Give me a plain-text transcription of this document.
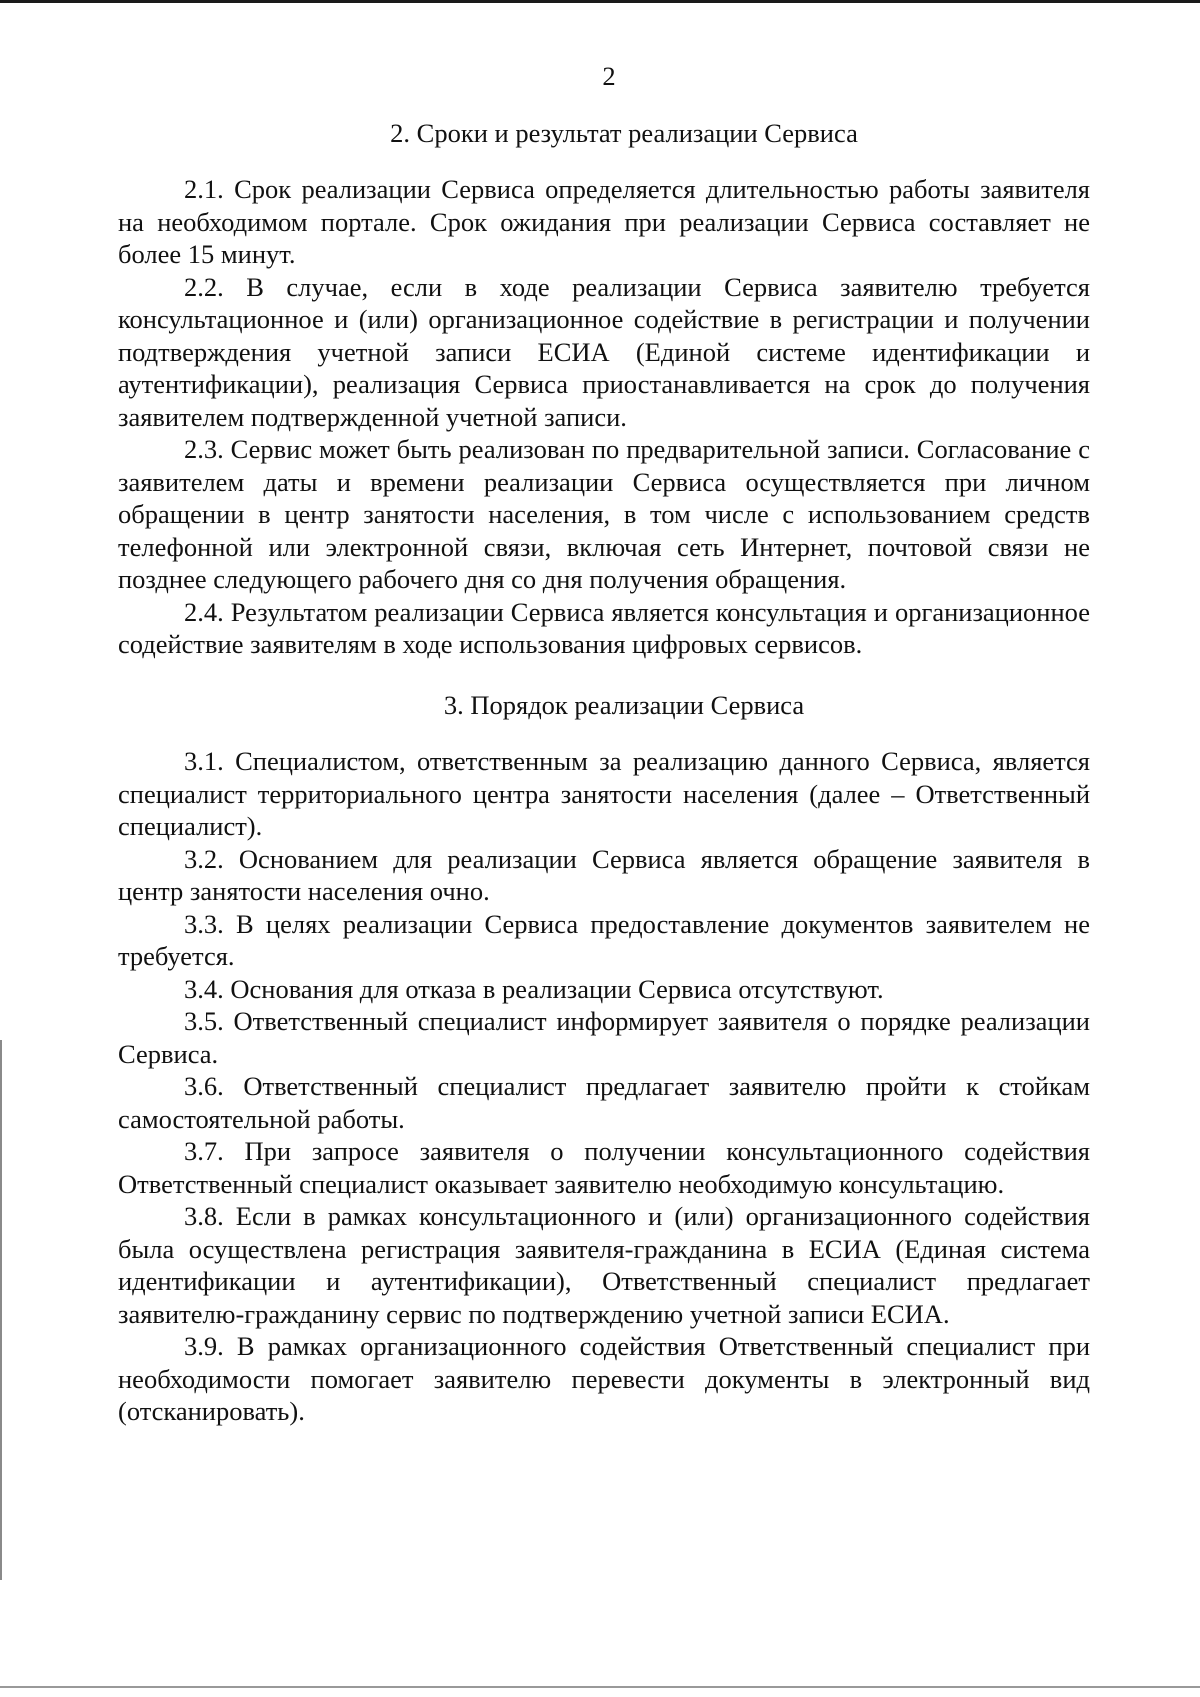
2
2. Сроки и результат реализации Сервиса

2.1. Срок реализации Сервиса определяется длительностью работы заявителя на необходимом портале. Срок ожидания при реализации Сервиса составляет не более 15 минут.

2.2. В случае, если в ходе реализации Сервиса заявителю требуется консультационное и (или) организационное содействие в регистрации и получении подтверждения учетной записи ЕСИА (Единой системе идентификации и аутентификации), реализация Сервиса приостанавливается на срок до получения заявителем подтвержденной учетной записи.

2.3. Сервис может быть реализован по предварительной записи. Согласование с заявителем даты и времени реализации Сервиса осуществляется при личном обращении в центр занятости населения, в том числе с использованием средств телефонной или электронной связи, включая сеть Интернет, почтовой связи не позднее следующего рабочего дня со дня получения обращения.

2.4. Результатом реализации Сервиса является консультация и организационное содействие заявителям в ходе использования цифровых сервисов.

3. Порядок реализации Сервиса

3.1. Специалистом, ответственным за реализацию данного Сервиса, является специалист территориального центра занятости населения (далее – Ответственный специалист).

3.2. Основанием для реализации Сервиса является обращение заявителя в центр занятости населения очно.

3.3. В целях реализации Сервиса предоставление документов заявителем не требуется.

3.4. Основания для отказа в реализации Сервиса отсутствуют.

3.5. Ответственный специалист информирует заявителя о порядке реализации Сервиса.

3.6. Ответственный специалист предлагает заявителю пройти к стойкам самостоятельной работы.

3.7. При запросе заявителя о получении консультационного содействия Ответственный специалист оказывает заявителю необходимую консультацию.

3.8. Если в рамках консультационного и (или) организационного содействия была осуществлена регистрация заявителя-гражданина в ЕСИА (Единая система идентификации и аутентификации), Ответственный специалист предлагает заявителю-гражданину сервис по подтверждению учетной записи ЕСИА.

3.9. В рамках организационного содействия Ответственный специалист при необходимости помогает заявителю перевести документы в электронный вид (отсканировать).
